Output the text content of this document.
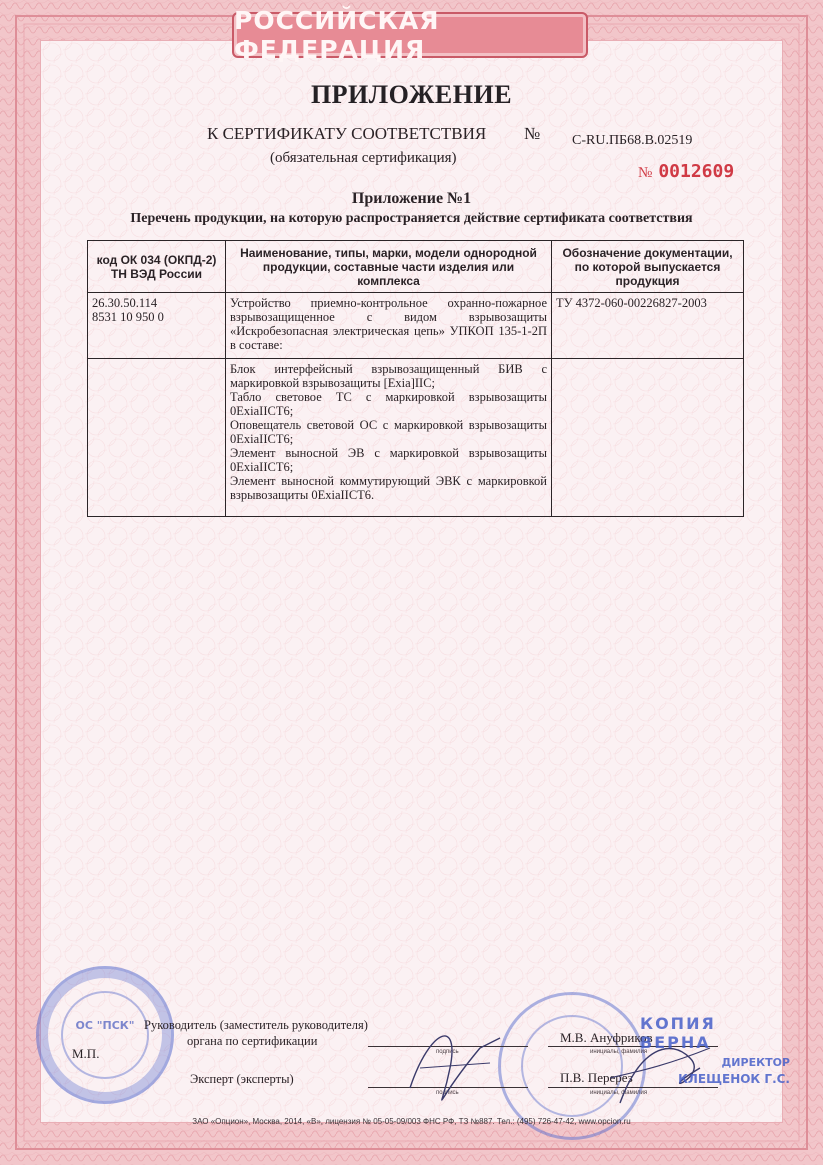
РОССИЙСКАЯ ФЕДЕРАЦИЯ
ПРИЛОЖЕНИЕ
К СЕРТИФИКАТУ СООТВЕТСТВИЯ № C-RU.ПБ68.В.02519
(обязательная сертификация)
№ 0012609
Приложение №1
Перечень продукции, на которую распространяется действие сертификата соответствия
код ОК 034 (ОКПД-2) ТН ВЭД России	Наименование, типы, марки, модели однородной продукции, составные части изделия или комплекса	Обозначение документации, по которой выпускается продукция

26.30.50.114
8531 10 950 0	Устройство приемно-контрольное охранно-пожарное взрывозащищенное с видом взрывозащиты «Искробезопасная электрическая цепь» УПКОП 135-1-2П в составе:	ТУ 4372-060-00226827-2003

	Блок интерфейсный взрывозащищенный БИВ с маркировкой взрывозащиты [Exia]IIC;
Табло световое ТС с маркировкой взрывозащиты 0ExiaIICT6;
Оповещатель световой ОС с маркировкой взрывозащиты 0ExiaIICT6;
Элемент выносной ЭВ с маркировкой взрывозащиты 0ExiaIICT6;
Элемент выносной коммутирующий ЭВК с маркировкой взрывозащиты 0ExiaIICT6.	

ОС "ПСК" Руководитель (заместитель руководителя)
органа по сертификации
М.П.
Эксперт (эксперты)
подпись
М.В. Ануфриков
инициалы, фамилия
подпись
П.В. Перерез
инициалы, фамилия
КОПИЯ ВЕРНА
ДИРЕКТОР
КЛЕЩЕНОК Г.С.
ЗАО «Опцион», Москва, 2014, «В», лицензия № 05-05-09/003 ФНС РФ, ТЗ №887. Тел.: (495) 726-47-42, www.opcion.ru
